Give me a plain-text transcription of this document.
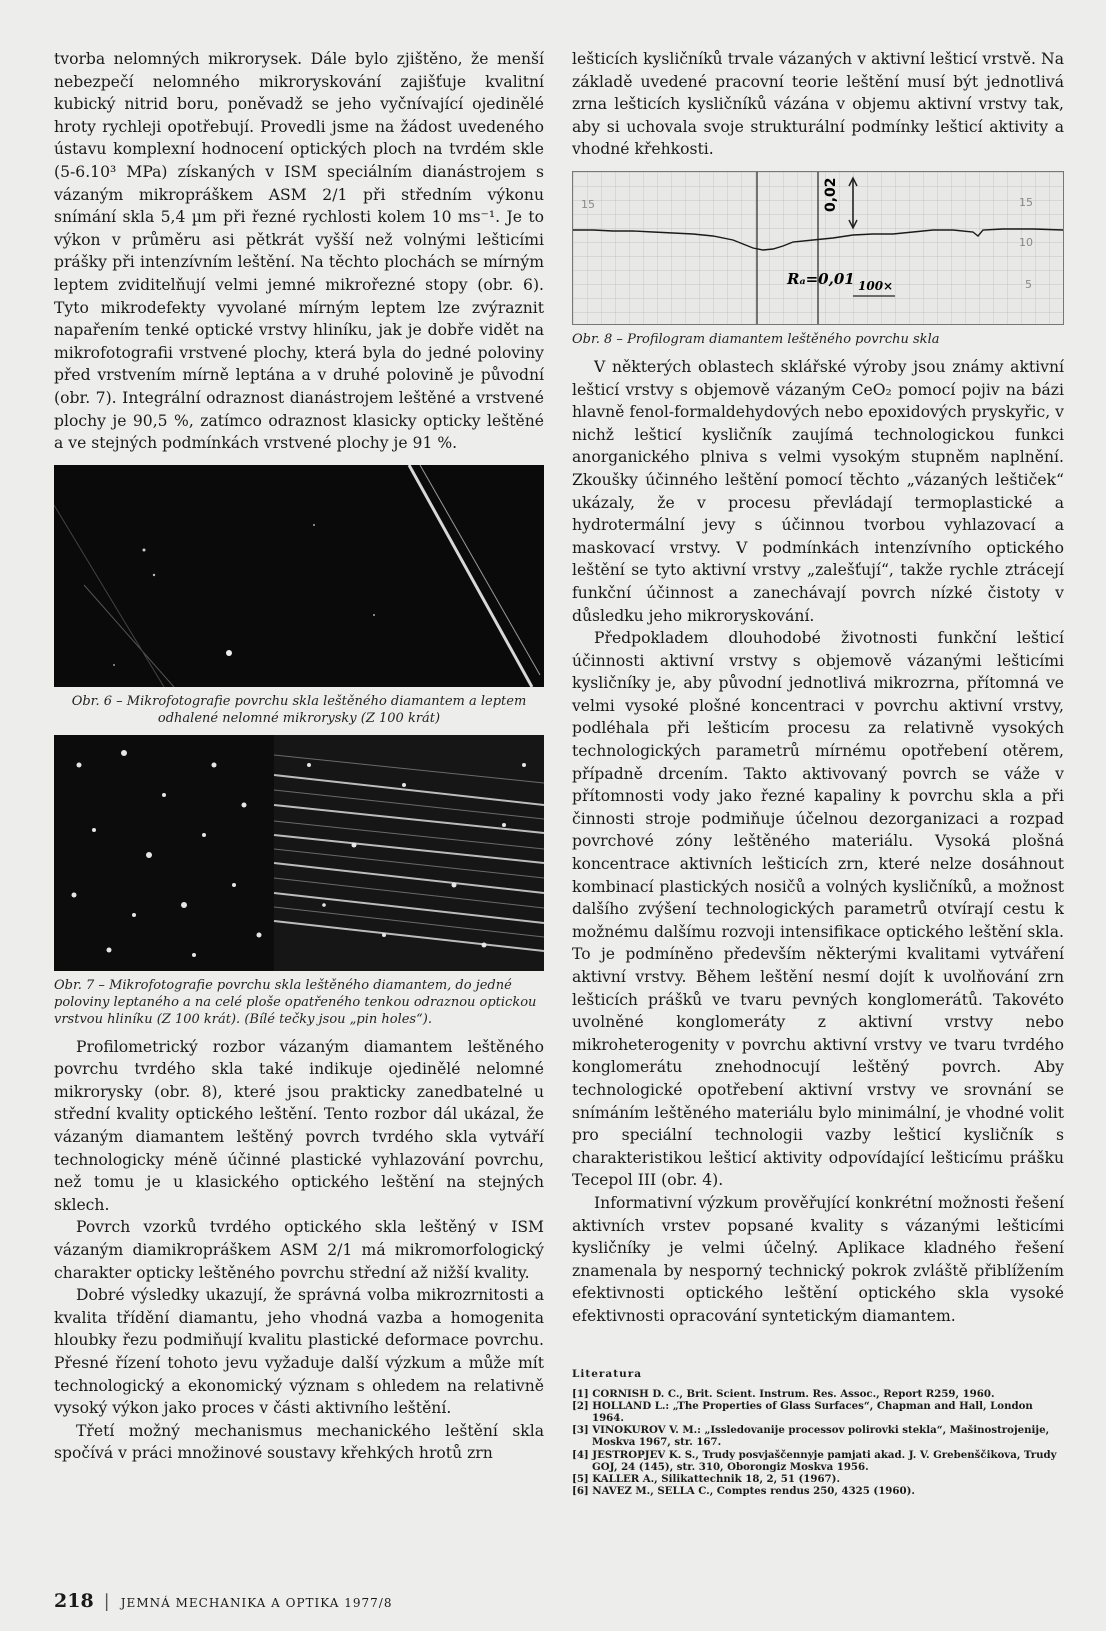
tvorba nelomných mikrorysek. Dále bylo zjištěno, že menší nebezpečí nelomného mikroryskování zajišťuje kvalitní kubický nitrid boru, poněvadž se jeho vyčnívající ojedinělé hroty rychleji opotřebují. Provedli jsme na žádost uvedeného ústavu komplexní hodnocení optických ploch na tvrdém skle (5-6.10³ MPa) získaných v ISM speciálním dianástrojem s vázaným mikropráškem ASM 2/1 při středním výkonu snímání skla 5,4 µm při řezné rychlosti kolem 10 ms⁻¹. Je to výkon v průměru asi pětkrát vyšší než volnými lešticími prášky při intenzívním leštění. Na těchto plochách se mírným leptem zviditelňují velmi jemné mikrořezné stopy (obr. 6). Tyto mikrodefekty vyvolané mírným leptem lze zvýraznit napařením tenké optické vrstvy hliníku, jak je dobře vidět na mikrofotografii vrstvené plochy, která byla do jedné poloviny před vrstvením mírně leptána a v druhé polovině je původní (obr. 7). Integrální odraznost dianástrojem leštěné a vrstvené plochy je 90,5 %, zatímco odraznost klasicky opticky leštěné a ve stejných podmínkách vrstvené plochy je 91 %.

Obr. 6 – Mikrofotografie povrchu skla leštěného diamantem a leptem odhalené nelomné mikrorysky (Z 100 krát)

Obr. 7 – Mikrofotografie povrchu skla leštěného diamantem, do jedné poloviny leptaného a na celé ploše opatřeného tenkou odraznou optickou vrstvou hliníku (Z 100 krát). (Bílé tečky jsou „pin holes“).

Profilometrický rozbor vázaným diamantem leštěného povrchu tvrdého skla také indikuje ojedinělé nelomné mikrorysky (obr. 8), které jsou prakticky zanedbatelné u střední kvality optického leštění. Tento rozbor dál ukázal, že vázaným diamantem leštěný povrch tvrdého skla vytváří technologicky méně účinné plastické vyhlazování povrchu, než tomu je u klasického optického leštění na stejných sklech.

Povrch vzorků tvrdého optického skla leštěný v ISM vázaným diamikropráškem ASM 2/1 má mikromorfologický charakter opticky leštěného povrchu střední až nižší kvality.

Dobré výsledky ukazují, že správná volba mikrozrnitosti a kvalita třídění diamantu, jeho vhodná vazba a homogenita hloubky řezu podmiňují kvalitu plastické deformace povrchu. Přesné řízení tohoto jevu vyžaduje další výzkum a může mít technologický a ekonomický význam s ohledem na relativně vysoký výkon jako proces v části aktivního leštění.

Třetí možný mechanismus mechanického leštění skla spočívá v práci množinové soustavy křehkých hrotů zrn

lešticích kysličníků trvale vázaných v aktivní lešticí vrstvě. Na základě uvedené pracovní teorie leštění musí být jednotlivá zrna lešticích kysličníků vázána v objemu aktivní vrstvy tak, aby si uchovala svoje strukturální podmínky lešticí aktivity a vhodné křehkosti.

0,02
15	15
10
5
Rₐ=0,01 100×

Obr. 8 – Profilogram diamantem leštěného povrchu skla

V některých oblastech sklářské výroby jsou známy aktivní lešticí vrstvy s objemově vázaným CeO₂ pomocí pojiv na bázi hlavně fenol-formaldehydových nebo epoxidových pryskyřic, v nichž lešticí kysličník zaujímá technologickou funkci anorganického plniva s velmi vysokým stupněm naplnění. Zkoušky účinného leštění pomocí těchto „vázaných leštiček“ ukázaly, že v procesu převládají termoplastické a hydrotermální jevy s účinnou tvorbou vyhlazovací a maskovací vrstvy. V podmínkách intenzívního optického leštění se tyto aktivní vrstvy „zalešťují“, takže rychle ztrácejí funkční účinnost a zanechávají povrch nízké čistoty v důsledku jeho mikroryskování.

Předpokladem dlouhodobé životnosti funkční lešticí účinnosti aktivní vrstvy s objemově vázanými lešticími kysličníky je, aby původní jednotlivá mikrozrna, přítomná ve velmi vysoké plošné koncentraci v povrchu aktivní vrstvy, podléhala při lešticím procesu za relativně vysokých technologických parametrů mírnému opotřebení otěrem, případně drcením. Takto aktivovaný povrch se váže v přítomnosti vody jako řezné kapaliny k povrchu skla a při činnosti stroje podmiňuje účelnou dezorganizaci a rozpad povrchové zóny leštěného materiálu. Vysoká plošná koncentrace aktivních lešticích zrn, které nelze dosáhnout kombinací plastických nosičů a volných kysličníků, a možnost dalšího zvýšení technologických parametrů otvírají cestu k možnému dalšímu rozvoji intensifikace optického leštění skla. To je podmíněno především některými kvalitami vytváření aktivní vrstvy. Během leštění nesmí dojít k uvolňování zrn lešticích prášků ve tvaru pevných konglomerátů. Takovéto uvolněné konglomeráty z aktivní vrstvy nebo mikroheterogenity v povrchu aktivní vrstvy ve tvaru tvrdého konglomerátu znehodnocují leštěný povrch. Aby technologické opotřebení aktivní vrstvy ve srovnání se snímáním leštěného materiálu bylo minimální, je vhodné volit pro speciální technologii vazby lešticí kysličník s charakteristikou lešticí aktivity odpovídající lešticímu prášku Tecepol III (obr. 4).

Informativní výzkum prověřující konkrétní možnosti řešení aktivních vrstev popsané kvality s vázanými lešticími kysličníky je velmi účelný. Aplikace kladného řešení znamenala by nesporný technický pokrok zvláště přiblížením efektivnosti optického leštění optického skla vysoké efektivnosti opracování syntetickým diamantem.

Literatura
[1] CORNISH D. C., Brit. Scient. Instrum. Res. Assoc., Report R259, 1960.
[2] HOLLAND L.: „The Properties of Glass Surfaces“, Chapman and Hall, London 1964.
[3] VINOKUROV V. M.: „Issledovanije processov polirovki stekla“, Mašinostrojenije, Moskva 1967, str. 167.
[4] JESTROPJEV K. S., Trudy posvjaščennyje pamjati akad. J. V. Grebenščikova, Trudy GOJ, 24 (145), str. 310, Oborongiz Moskva 1956.
[5] KALLER A., Silikattechnik 18, 2, 51 (1967).
[6] NAVEZ M., SELLA C., Comptes rendus 250, 4325 (1960).
218 | JEMNÁ MECHANIKA A OPTIKA 1977/8
